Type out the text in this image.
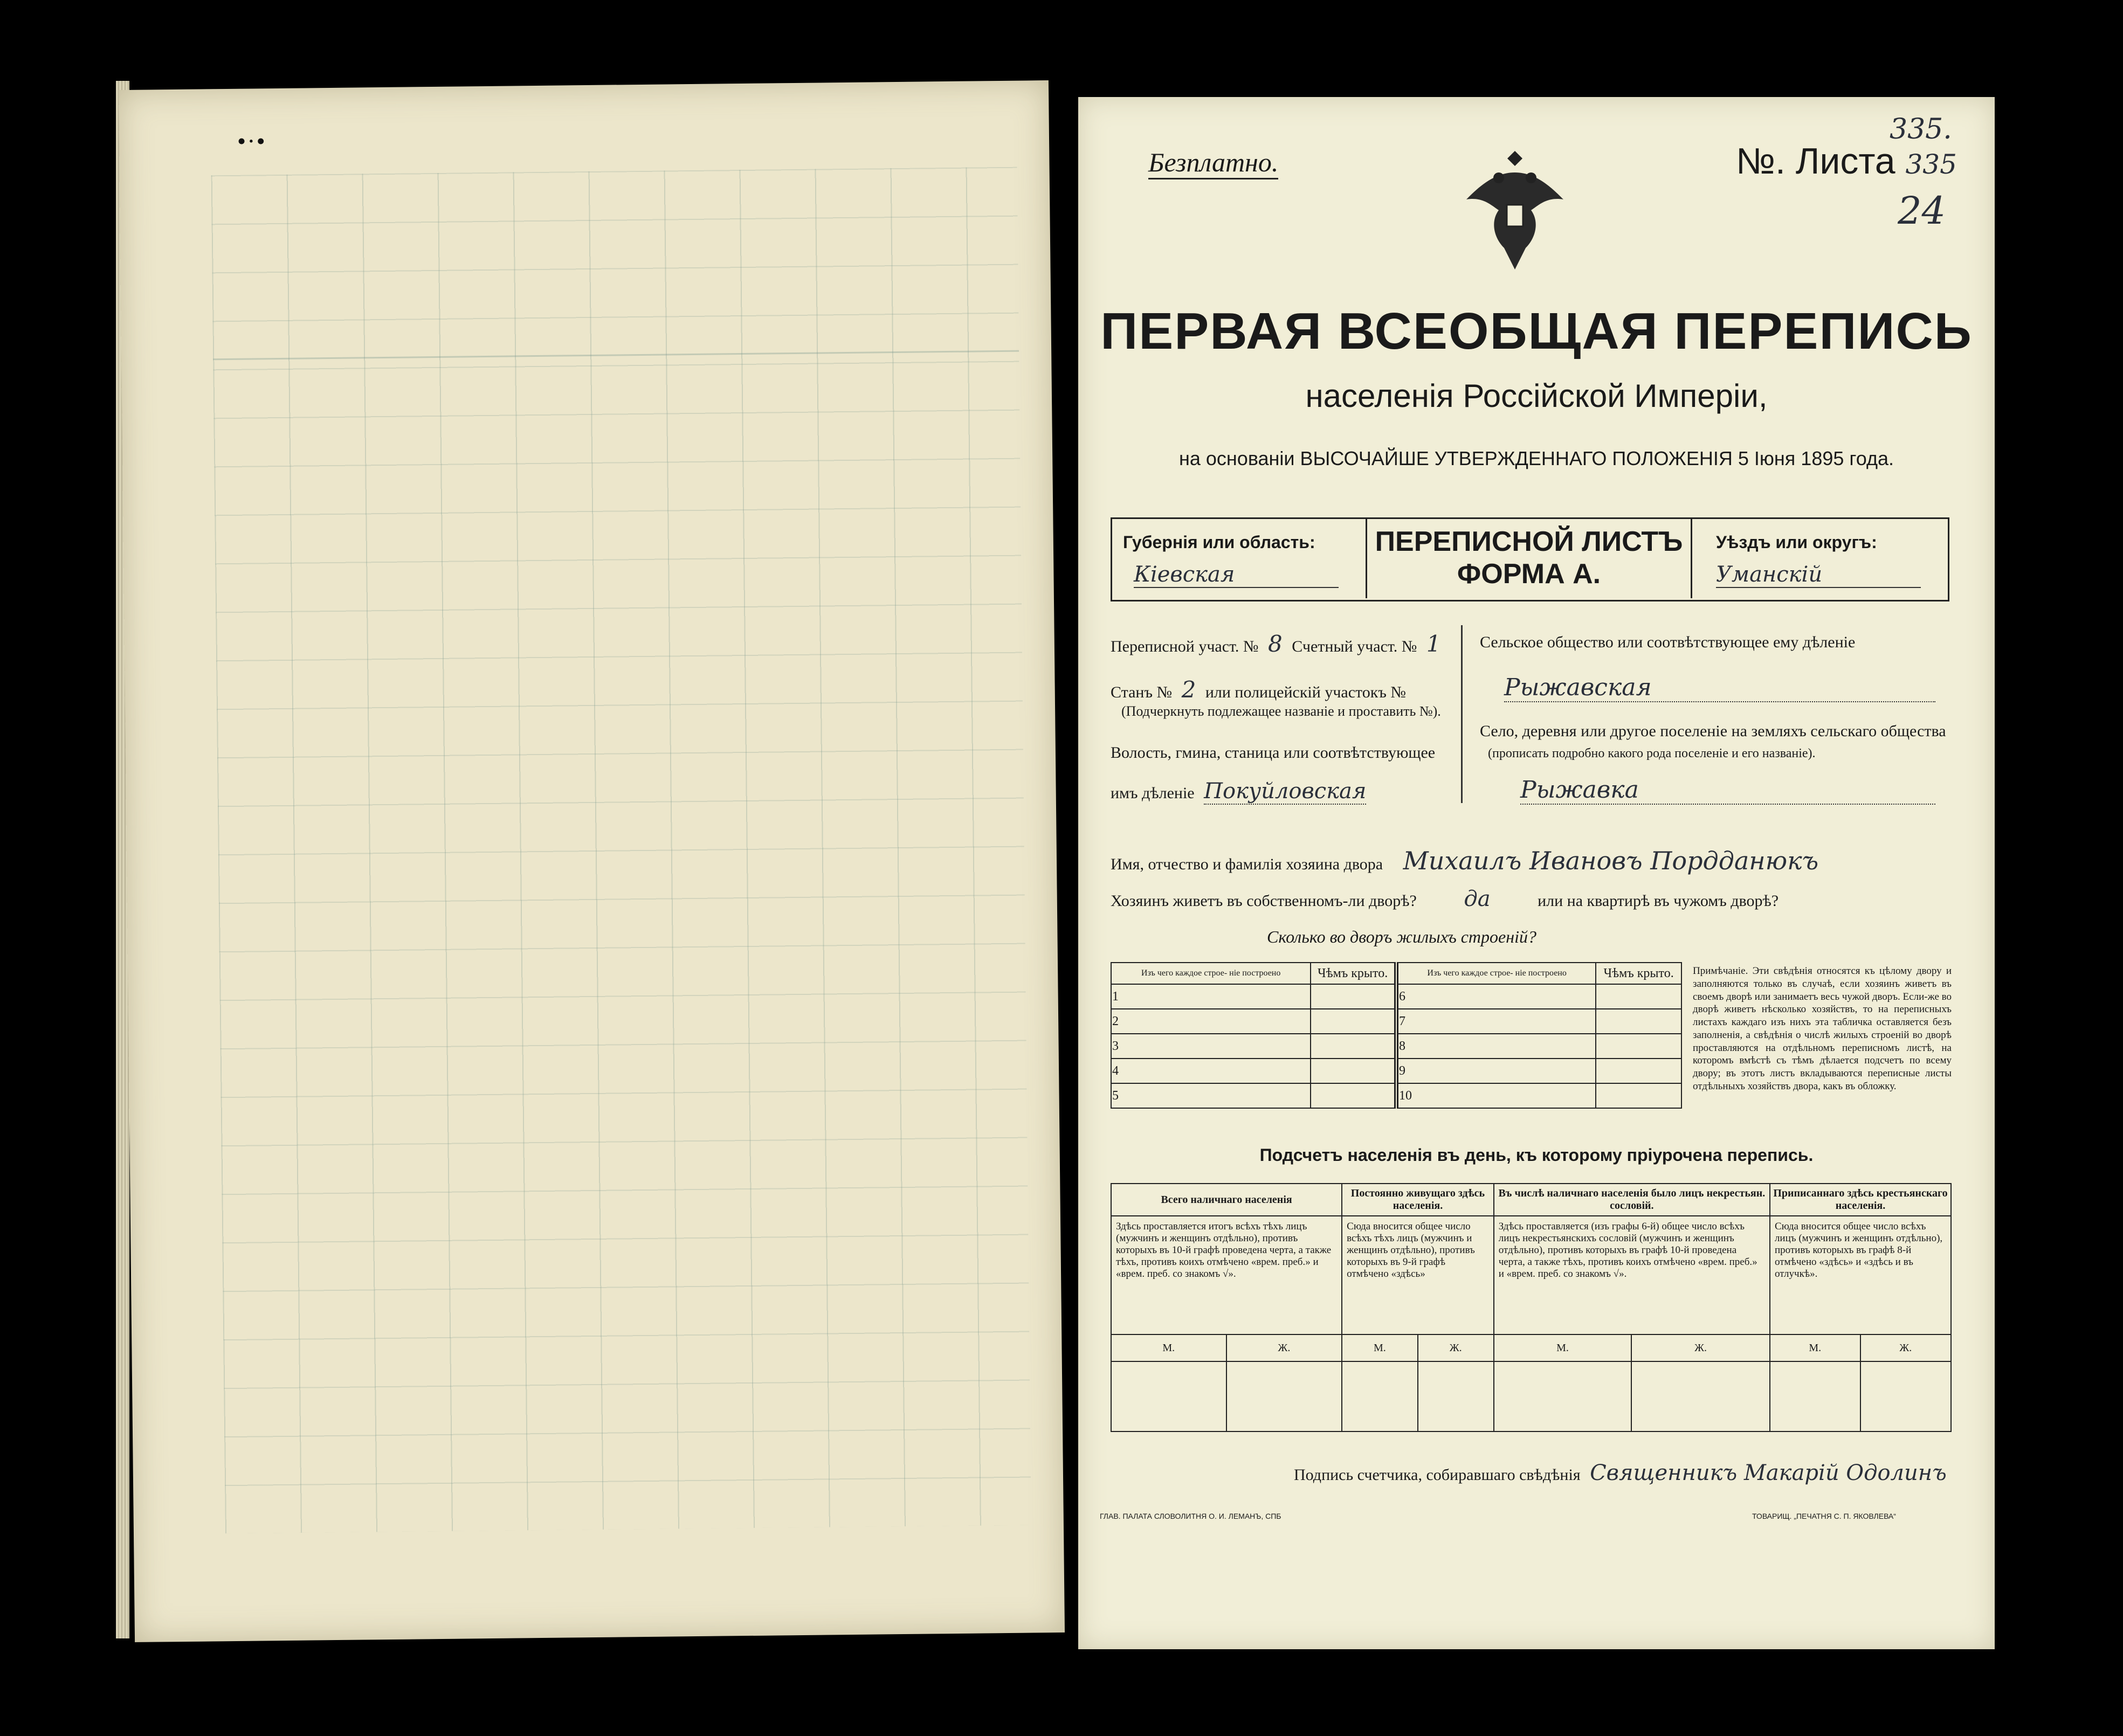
•∙•
Безплатно.	№. Листа 335
335.
24
ПЕРВАЯ ВСЕОБЩАЯ ПЕРЕПИСЬ
населенія Россійской Имперіи,
на основаніи ВЫСОЧАЙШЕ УТВЕРЖДЕННАГО ПОЛОЖЕНІЯ 5 Іюня 1895 года.
Губернія или область:
Кіевская
ПЕРЕПИСНОЙ ЛИСТЪ
ФОРМА А.
Уѣздъ или округъ:
Уманскій
Переписной участ. № 8 Счетный участ. № 1
Станъ № 2 или полицейскій участокъ №
(Подчеркнуть подлежащее названіе и проставить №).
Волость, гмина, станица или соотвѣтствующее
имъ дѣленіе Покуйловская
Сельское общество или соотвѣтствующее ему дѣленіе
Рыжавская
Село, деревня или другое поселеніе на земляхъ сельскаго общества
(прописать подробно какого рода поселеніе и его названіе).
Рыжавка
Имя, отчество и фамилія хозяина двора Михаилъ Ивановъ Пордданюкъ
Хозяинъ живетъ въ собственномъ-ли дворѣ? да	или на квартирѣ въ чужомъ дворѣ?
Сколько во дворъ жилыхъ строеній?
Изъ чего каждое строе- ніе построено	Чѣмъ крыто.	Изъ чего каждое строе- ніе построено	Чѣмъ крыто.
1		6	
2		7	
3		8	
4		9	
5		10	
Примѣчаніе. Эти свѣдѣнія относятся къ цѣлому двору и заполняются только въ случаѣ, если хозяинъ живетъ въ своемъ дворѣ или занимаетъ весь чужой дворъ. Если-же во дворѣ живетъ нѣсколько хозяйствъ, то на переписныхъ листахъ каждаго изъ нихъ эта табличка оставляется безъ заполненія, а свѣдѣнія о числѣ жилыхъ строеній во дворѣ проставляются на отдѣльномъ переписномъ листѣ, на которомъ вмѣстѣ съ тѣмъ дѣлается подсчетъ по всему двору; въ этотъ листъ вкладываются переписные листы отдѣльныхъ хозяйствъ двора, какъ въ обложку.
Подсчетъ населенія въ день, къ которому пріурочена перепись.
Всего наличнаго населенія		Постоянно живущаго здѣсь населенія.		Въ числѣ наличнаго населенія было лицъ некрестьян. сословій.		Приписаннаго здѣсь крестьянскаго населенія.	
Здѣсь проставляется итогъ всѣхъ тѣхъ лицъ (мужчинъ и женщинъ отдѣльно), противъ которыхъ въ 10-й графѣ проведена черта, а также тѣхъ, противъ коихъ отмѣчено «врем. преб.» и «врем. преб. со знакомъ √».		Сюда вносится общее число всѣхъ тѣхъ лицъ (мужчинъ и женщинъ отдѣльно), противъ которыхъ въ 9-й графѣ отмѣчено «здѣсь»		Здѣсь проставляется (изъ графы 6-й) общее число всѣхъ лицъ некрестьянскихъ сословій (мужчинъ и женщинъ отдѣльно), противъ которыхъ въ графѣ 10-й проведена черта, а также тѣхъ, противъ коихъ отмѣчено «врем. преб.» и «врем. преб. со знакомъ √».		Сюда вносится общее число всѣхъ лицъ (мужчинъ и женщинъ отдѣльно), противъ которыхъ въ графѣ 8-й отмѣчено «здѣсь» и «здѣсь и въ отлучкѣ».	
М.	Ж.	М.	Ж.	М.	Ж.	М.	Ж.

Подпись счетчика, собиравшаго свѣдѣнія Священникъ Макарій Одолинъ
ГЛАВ. ПАЛАТА СЛОВОЛИТНЯ О. И. ЛЕМАНЪ, СПБ	ТОВАРИЩ. „ПЕЧАТНЯ С. П. ЯКОВЛЕВА“
